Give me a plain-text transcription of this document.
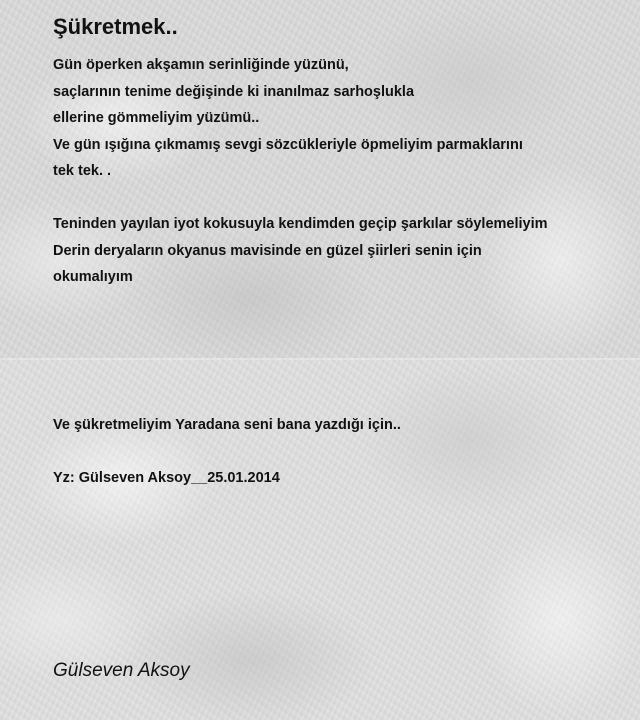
Şükretmek..

Gün öperken akşamın serinliğinde yüzünü,

saçlarının tenime değişinde ki inanılmaz sarhoşlukla

ellerine gömmeliyim yüzümü..

Ve gün ışığına çıkmamış sevgi sözcükleriyle öpmeliyim parmaklarını

tek tek. .

Teninden yayılan iyot kokusuyla kendimden geçip şarkılar söylemeliyim

Derin deryaların okyanus mavisinde en güzel şiirleri senin için

okumalıyım

Ve şükretmeliyim Yaradana seni bana yazdığı için..

Yz: Gülseven Aksoy__25.01.2014

Gülseven Aksoy
